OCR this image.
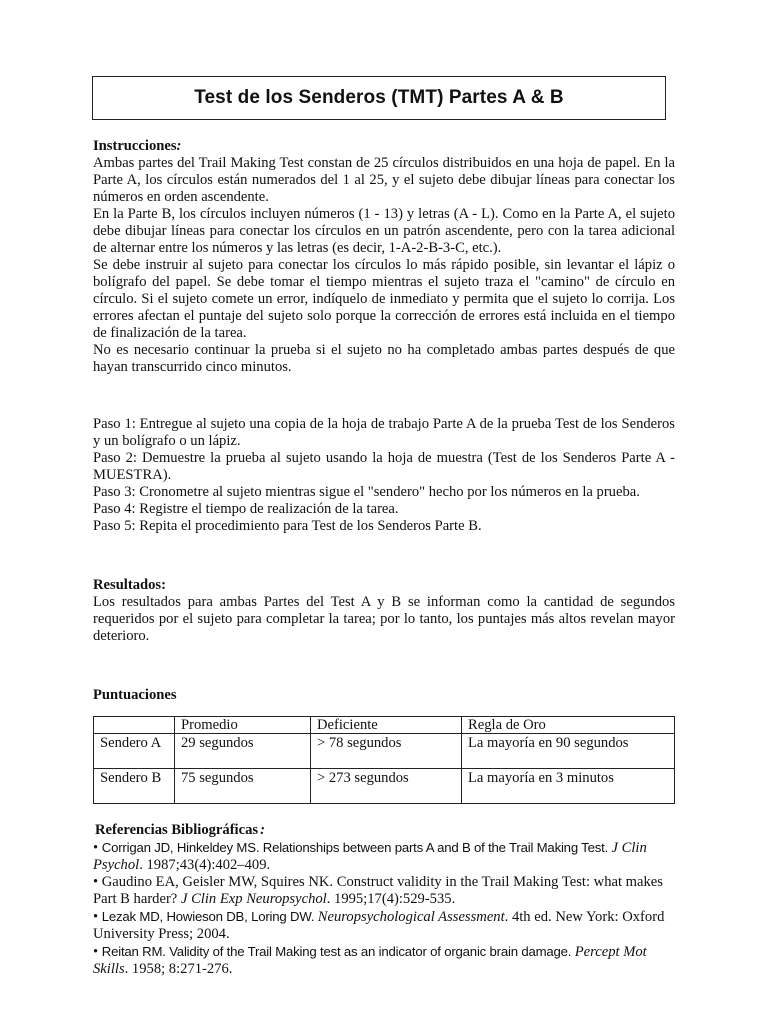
Test de los Senderos (TMT) Partes A & B

Instrucciones:

Ambas partes del Trail Making Test constan de 25 círculos distribuidos en una hoja de papel. En la Parte A, los círculos están numerados del 1 al 25, y el sujeto debe dibujar líneas para conectar los números en orden ascendente.

En la Parte B, los círculos incluyen números (1 - 13) y letras (A - L). Como en la Parte A, el sujeto debe dibujar líneas para conectar los círculos en un patrón ascendente, pero con la tarea adicional de alternar entre los números y las letras (es decir, 1-A-2-B-3-C, etc.).

Se debe instruir al sujeto para conectar los círculos lo más rápido posible, sin levantar el lápiz o bolígrafo del papel. Se debe tomar el tiempo mientras el sujeto traza el "camino" de círculo en círculo. Si el sujeto comete un error, indíquelo de inmediato y permita que el sujeto lo corrija. Los errores afectan el puntaje del sujeto solo porque la corrección de errores está incluida en el tiempo de finalización de la tarea.

No es necesario continuar la prueba si el sujeto no ha completado ambas partes después de que hayan transcurrido cinco minutos.

Paso 1: Entregue al sujeto una copia de la hoja de trabajo Parte A de la prueba Test de los Senderos y un bolígrafo o un lápiz.

Paso 2: Demuestre la prueba al sujeto usando la hoja de muestra (Test de los Senderos Parte A - MUESTRA).

Paso 3: Cronometre al sujeto mientras sigue el "sendero" hecho por los números en la prueba.

Paso 4: Registre el tiempo de realización de la tarea.

Paso 5: Repita el procedimiento para Test de los Senderos Parte B.

Resultados:

Los resultados para ambas Partes del Test A y B se informan como la cantidad de segundos requeridos por el sujeto para completar la tarea; por lo tanto, los puntajes más altos revelan mayor deterioro.

Puntuaciones

	Promedio	Deficiente	Regla de Oro
Sendero A	29 segundos	> 78 segundos	La mayoría en 90 segundos
Sendero B	75 segundos	> 273 segundos	La mayoría en 3 minutos

Referencias Bibliográficas :

• Corrigan JD, Hinkeldey MS. Relationships between parts A and B of the Trail Making Test. J Clin Psychol. 1987;43(4):402–409.

• Gaudino EA, Geisler MW, Squires NK. Construct validity in the Trail Making Test: what makes Part B harder? J Clin Exp Neuropsychol. 1995;17(4):529-535.

• Lezak MD, Howieson DB, Loring DW. Neuropsychological Assessment. 4th ed. New York: Oxford University Press; 2004.

• Reitan RM. Validity of the Trail Making test as an indicator of organic brain damage. Percept Mot Skills. 1958; 8:271-276.
